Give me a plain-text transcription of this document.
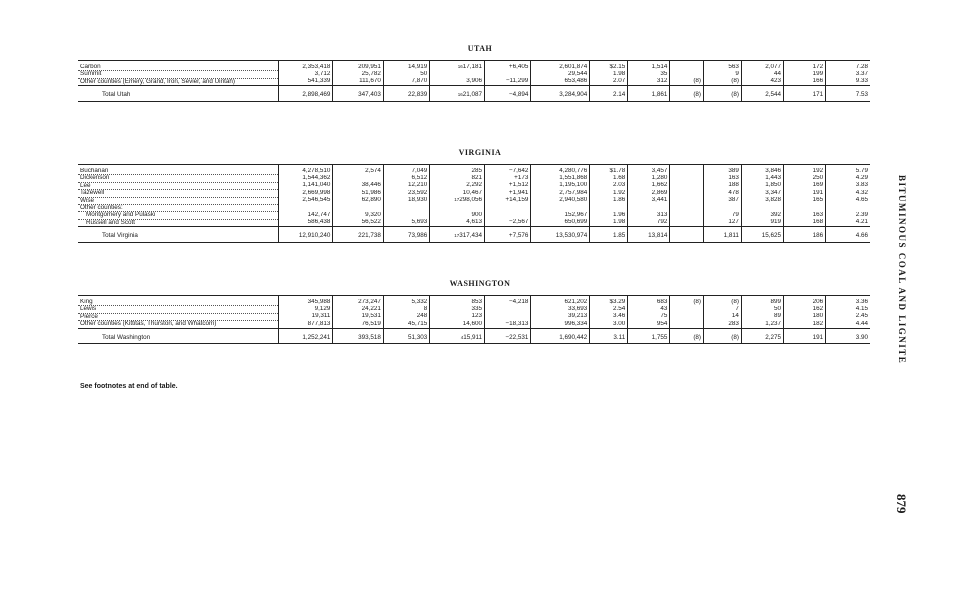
UTAH

Carbon	2,353,418	209,951	14,919	$^{16}$17,181	+6,405	2,601,874	$2.15	1,514		563	2,077	172	7.28
Summit	3,712	25,782	50			29,544	1.98	35		9	44	199	3.37
Other counties (Emery, Grand, Iron, Sevier, and Uintah)	541,339	111,670	7,870	3,906	−11,299	653,486	2.07	312	(8)	(8)	423	166	9.33
Total Utah	2,898,469	347,403	22,839	$^{16}$21,087	−4,894	3,284,904	2.14	1,861	(8)	(8)	2,544	171	7.53
VIRGINIA

Buchanan	4,278,510	2,574	7,049	285	−7,642	4,280,776	$1.78	3,457		389	3,846	192	5.79
Dickenson	1,544,362		6,512	821	+173	1,551,868	1.68	1,280		163	1,443	250	4.29
Lee	1,141,040	38,446	12,210	2,292	+1,512	1,195,100	2.03	1,662		188	1,850	169	3.83
Tazewell	2,669,998	51,986	23,592	10,467	+1,941	2,757,984	1.92	2,869		478	3,347	191	4.32
Wise	2,546,545	62,890	18,930	$^{17}$298,056	+14,159	2,940,580	1.86	3,441		387	3,828	165	4.65
Other counties:													
Montgomery and Pulaski	142,747	9,320		900		152,967	1.96	313		79	392	163	2.39
Russell and Scott	586,438	56,522	5,693	4,613	−2,567	650,699	1.98	792		127	919	168	4.21
Total Virginia	12,910,240	221,738	73,986	$^{17}$317,434	+7,576	13,530,974	1.85	13,814		1,811	15,625	186	4.66
WASHINGTON

King	345,988	273,247	5,332	853	−4,218	621,202	$3.29	683	(8)	(8)	899	206	3.36
Lewis	9,129	24,221	8	335		33,693	2.54	43		7	50	162	4.15
Pierce	19,311	19,531	248	123		39,213	3.46	75		14	89	180	2.45
Other counties (Kittitas, Thurston, and Whatcom)	877,813	76,519	45,715	14,600	−18,313	996,334	3.00	954		283	1,237	182	4.44
Total Washington	1,252,241	393,518	51,303	$^4$15,911	−22,531	1,690,442	3.11	1,755	(8)	(8)	2,275	191	3.90
See footnotes at end of table.
BITUMINOUS COAL AND LIGNITE
879
